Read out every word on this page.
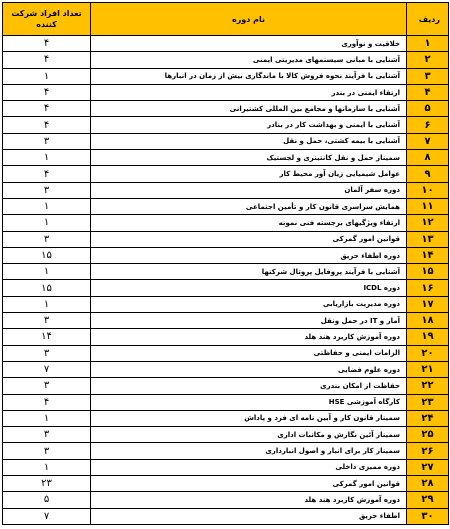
ردیف	نام دوره	تعداد افراد شرکت کننده
۱	خلاقیت و نوآوری	۴
۲	آشنایی با مبانی سیستمهای مدیریتی ایمنی	۴
۳	آشنایی با فرآیند نحوه فروش کالا با ماندگاری بیش از زمان در انبارها	۱
۴	ارتقاء ایمنی در بندر	۴
۵	آشنایی با سازمانها و مجامع بین المللی کشتیرانی	۴
۶	آشنایی با ایمنی و بهداشت کار در بنادر	۴
۷	آشنایی با بیمه کشتی، حمل و نقل	۳
۸	سمینار حمل و نقل کانتینری و لجستیک	۱
۹	عوامل شیمیایی زیان آور محیط کار	۴
۱۰	دوره سفر آلمان	۳
۱۱	همایش سراسری قانون کار و تأمین اجتماعی	۱
۱۲	ارتقاء ویژگیهای برجسته فنی نمونه	۱
۱۳	قوانین امور گمرکی	۳
۱۴	دوره اطفاء حریق	۱۵
۱۵	آشنایی با فرآیند پروفایل پروتال شرکتها	۱
۱۶	دوره ICDL	۱۵
۱۷	دوره مدیریت بازاریابی	۱
۱۸	آمار و IT در حمل ونقل	۳
۱۹	دوره آموزش کاربرد هند هلد	۱۴
۲۰	الزامات ایمنی و حفاظتی	۳
۲۱	دوره علوم فضایی	۷
۲۲	حفاظت از امکان بندری	۳
۲۳	کارگاه آموزشی HSE	۴
۲۴	سمینار قانون کار و آیین نامه ای فرد و پاداش	۱
۲۵	سمینار آئین نگارش و مکاتبات اداری	۳
۲۶	سمینار کار برای انبار و اصول انبارداری	۳
۲۷	دوره ممیزی داخلی	۱
۲۸	قوانین امور گمرکی	۲۳
۲۹	دوره آموزش کاربرد هند هلد	۵
۳۰	اطفاء حریق	۷
